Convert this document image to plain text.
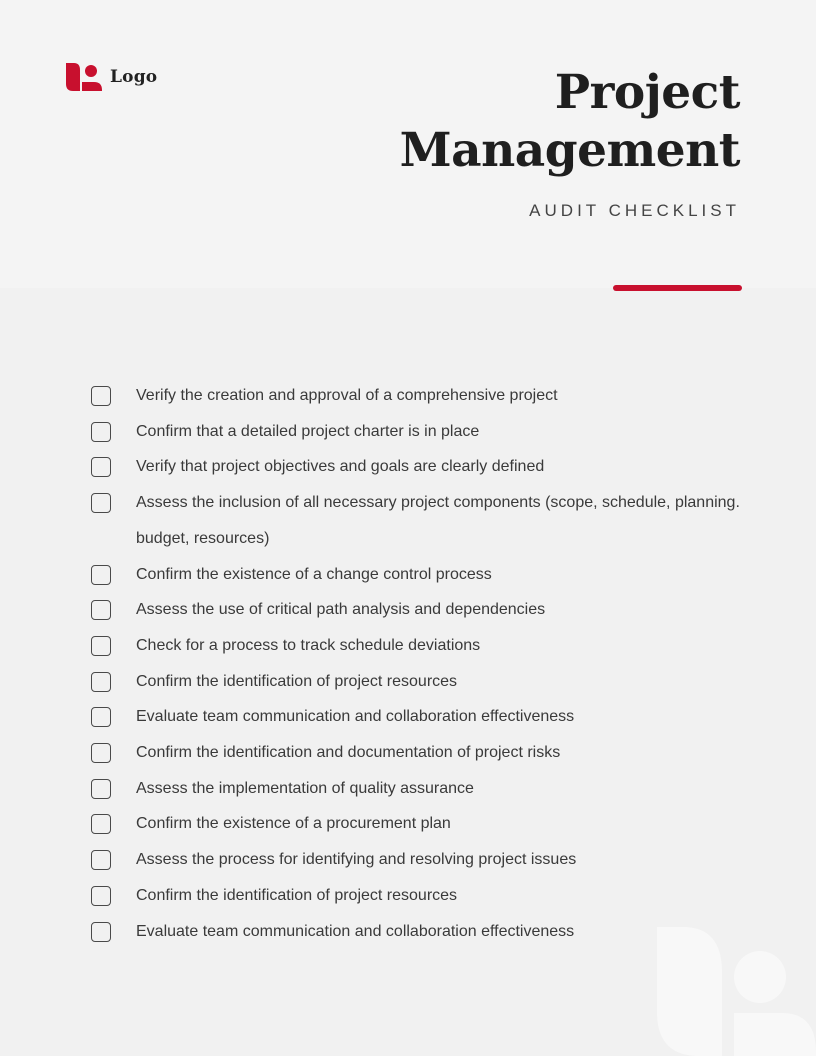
Logo	Project
Management
AUDIT CHECKLIST
Verify the creation and approval of a comprehensive project
Confirm that a detailed project charter is in place
Verify that project objectives and goals are clearly defined
Assess the inclusion of all necessary project components (scope, schedule, planning. budget, resources)
Confirm the existence of a change control process
Assess the use of critical path analysis and dependencies
Check for a process to track schedule deviations
Confirm the identification of project resources
Evaluate team communication and collaboration effectiveness
Confirm the identification and documentation of project risks
Assess the implementation of quality assurance
Confirm the existence of a procurement plan
Assess the process for identifying and resolving project issues
Confirm the identification of project resources
Evaluate team communication and collaboration effectiveness
